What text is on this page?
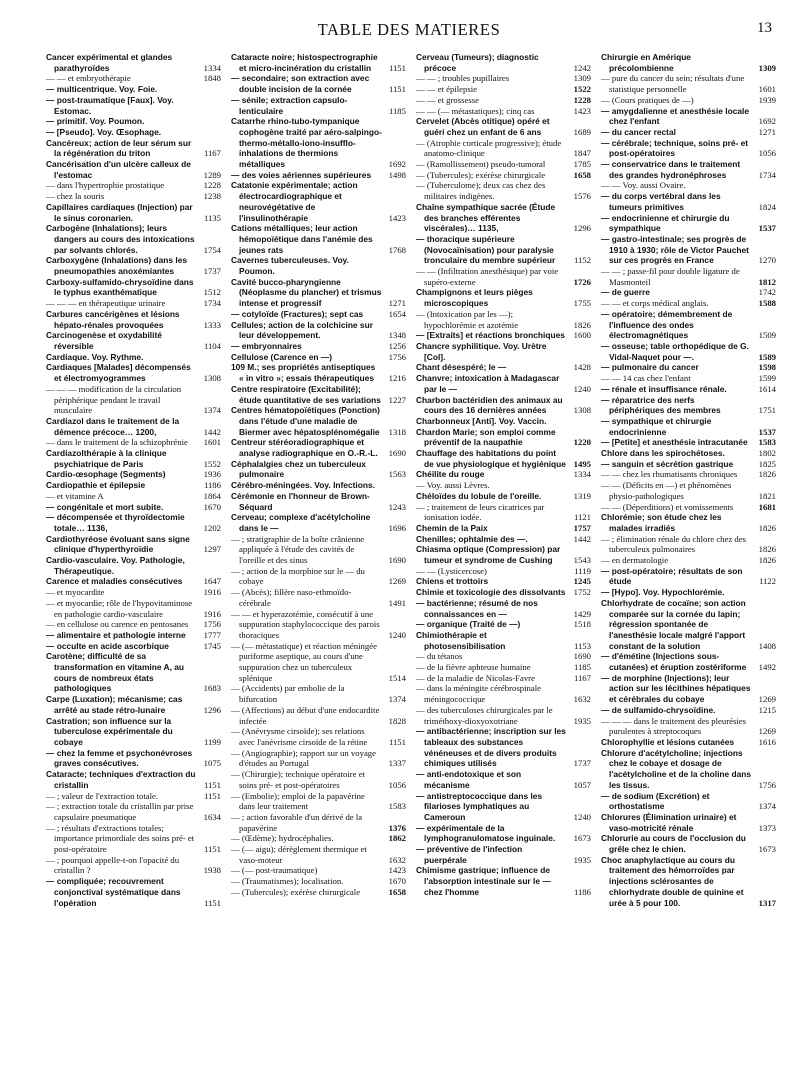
TABLE DES MATIERES	13

Cancer expérimental et glandes parathyroïdes	1334

— — et embryothérapie	1848

— multicentrique. Voy. Foie.

— post-traumatique [Faux]. Voy. Estomac.

— primitif. Voy. Poumon.

— [Pseudo]. Voy. Œsophage.

Cancéreux; action de leur sérum sur la régénération du triton	1167

Cancérisation d'un ulcère calleux de l'estomac	1289

— dans l'hypertrophie prostatique	1228

— chez la souris	1238

Capillaires cardiaques (Injection) par le sinus coronarien.	1135

Carbogène (Inhalations); leurs dangers au cours des intoxications par solvants chlorés.	1754

Carboxygène (Inhalations) dans les pneumopathies anoxémiantes	1737

Carboxy-sulfamido-chrysoïdine dans le typhus exanthématique	1512

— — — en thérapeutique urinaire	1734

Carbures cancérigènes et lésions hépato-rénales provoquées	1333

Carcinogenèse et oxydabilité réversible	1104

Cardiaque. Voy. Rythme.

Cardiaques [Malades] décompensés et électromyogrammes	1308

— — — modification de la circulation périphérique pendant le travail musculaire	1374

Cardiazol dans le traitement de la démence précoce… 1200,	1442

— dans le traitement de la schizophrénie 1601

Cardiazolthérapie à la clinique psychiatrique de Paris	1552

Cardio-œsophage (Segments)	1936

Cardiopathie et épilepsie	1186

— et vitamine A	1864

— congénitale et mort subite.	1670

— décompensée et thyroïdectomie totale… 1136,	1202

Cardiothyréose évoluant sans signe clinique d'hyperthyroïdie	1297

Cardio-vasculaire. Voy. Pathologie, Thérapeutique.

Carence et maladies consécutives 1647

— et myocardite	1916

— et myocardie; rôle de l'hypovitaminose en pathologie cardio-vasculaire	1916

— en cellulose ou carence en pentosanes 1756

— alimentaire et pathologie interne 1777

— occulte en acide ascorbique	1745

Carotène; difficulté de sa transformation en vitamine A, au cours de nombreux états pathologiques	1683

Carpe (Luxation); mécanisme; cas arrêté au stade rétro-lunaire	1296

Castration; son influence sur la tuberculose expérimentale du cobaye	1199

— chez la femme et psychonévroses graves consécutives.	1075

Cataracte; techniques d'extraction du cristallin	1151

— ; valeur de l'extraction totale.	1151

— ; extraction totale du cristallin par prise capsulaire pneumatique	1634

— ; résultats d'extractions totales; importance primordiale des soins pré- et post-opératoire	1151

— ; pourquoi appelle-t-on l'opacité du cristallin ?	1938

— compliquée; recouvrement conjonctival systématique dans l'opération	1151

Cataracte noire; histospectrographie et micro-incinération du cristallin 1151

— secondaire; son extraction avec double incision de la cornée	1151

— sénile; extraction capsulo-lenticulaire	1185

Catarrhe rhino-tubo-tympanique cophogène traité par aéro-salpingo-thermo-métallo-iono-insufflo-inhalations de thermions métalliques	1692

— des voies aériennes supérieures 1498

Catatonie expérimentale; action électrocardiographique et neurovégétative de l'insulinothérapie	1423

Cations métalliques; leur action hémopoïétique dans l'anémie des jeunes rats	1768

Cavernes tuberculeuses. Voy. Poumon.

Cavité bucco-pharyngienne (Néoplasme du plancher) et trismus intense et progressif	1271

— cotyloïde (Fractures); sept cas	1654

Cellules; action de la colchicine sur leur développement.	1348

— embryonnaires	1256

Cellulose (Carence en —)	1756

109 M.; ses propriétés antiseptiques « in vitro »; essais thérapeutiques 1216

Centre respiratoire (Excitabilité); étude quantitative de ses variations 1227

Centres hématopoïétiques (Ponction) dans l'étude d'une maladie de Biermer avec hépatosplénomégalie 1318

Centreur stéréoradiographique et analyse radiographique en O.-R.-L. 1690

Céphalalgies chez un tuberculeux pulmonaire	1563

Cérébro-méningées. Voy. Infections.

Cérémonie en l'honneur de Brown-Séquard	1243

Cerveau; complexe d'acétylcholine dans le —	1696

— ; stratigraphie de la boîte crânienne appliquée à l'étude des cavités de l'oreille et des sinus	1690

— ; action de la morphine sur le — du cobaye	1269

— (Abcès); fillère naso-ethmoïdo-cérébrale	1491

— — et hyperazotémie, consécutif à une suppuration staphylococcique des parois thoraciques	1240

— (— métastatique) et réaction méningée puriforme aseptique, au cours d'une suppuration chez un tuberculeux splénique	1514

— (Accidents) par embolie de la bifurcation	1374

— (Affections) au début d'une endocardite infectée	1828

— (Anévrysme cirsoïde); ses relations avec l'anévrisme cirsoïde de la rétine 1151

— (Angiographie); rapport sur un voyage d'études au Portugal	1337

— (Chirurgie); technique opératoire et soins pré- et post-opératoires	1056

— (Embolie); emploi de la papavérine dans leur traitement	1583

— ; action favorable d'un dérivé de la papavérine	1376

— (Œdème); hydrocéphalies.	1862

— (— aigu); dérèglement thermique et vaso-moteur	1632

— (— post-traumatique)	1423

— (Traumatismes); localisation.	1670

— (Tubercules); exérèse chirurgicale	1658

Cerveau (Tumeurs); diagnostic précoce	1242

— — ; troubles pupillaires	1309

— — et épilepsie	1522

— — et grossesse	1228

— — (— métastatiques); cinq cas	1423

Cervelet (Abcès otitique) opéré et guéri chez un enfant de 6 ans	1689

— (Atrophie corticale progressive); étude anatomo-clinique	1847

— (Ramollissement) pseudo-tumoral	1785

— (Tubercules); exérèse chirurgicale	1658

— (Tuberculome); deux cas chez des militaires indigènes.	1576

Chaîne sympathique sacrée (Étude des branches efférentes viscérales)… 1135,	1296

— thoracique supérieure (Novocaïnisation) pour paralysie tronculaire du membre supérieur 1152

— — (Infiltration anesthésique) par voie supéro-externe	1726

Champignons et leurs pièges microscopiques	1755

— (Intoxication par les —); hypochlorémie et azotémie	1826

— [Extraits] et réactions bronchiques 1600

Chancre syphilitique. Voy. Urètre [Col].

Chant désespéré; le —	1428

Chanvre; intoxication à Madagascar par le —	1240

Charbon bactéridien des animaux au cours des 16 dernières années	1308

Charbonneux [Anti]. Voy. Vaccin.

Chardon Marie; son emploi comme préventif de la naupathie	1220

Chauffage des habitations du point de vue physiologique et hygiénique 1495

Chéilite du rouge	1334

— Voy. aussi Lèvres.

Chéloïdes du lobule de l'oreille.	1319

— ; traitement de leurs cicatrices par ionisation iodée.	1121

Chemin de la Paix	1757

Chenilles; ophtalmie des —.	1442

Chiasma optique (Compression) par tumeur et syndrome de Cushing 1543

— — (Lysticercose)	1119

Chiens et trottoirs	1245

Chimie et toxicologie des dissolvants 1752

— bactérienne; résumé de nos connaissances en —	1429

— organique (Traité de —)	1518

Chimiothérapie et photosensibilisation	1153

— du tétanos	1690

— de la fièvre aphteuse humaine	1185

— de la maladie de Nicolas-Favre	1167

— dans la méningite cérébrospinale méningococcique	1632

— des tuberculoses chirurgicales par le triméthoxy-dioxyoxotriane	1935

— antibactérienne; inscription sur les tableaux des substances vénéneuses et de divers produits chimiques utilisés	1737

— anti-endotoxique et son mécanisme	1057

— antistreptococcique dans les filarioses lymphatiques au Cameroun	1240

— expérimentale de la lymphogranulomatose inguinale. 1673

— préventive de l'infection puerpérale	1935

Chimisme gastrique; influence de l'absorption intestinale sur le — chez l'homme	1186

Chirurgie en Amérique précolombienne	1309

— pure du cancer du sein; résultats d'une statistique personnelle	1601

— (Cours pratiques de —)	1939

— amygdalienne et anesthésie locale chez l'enfant	1692

— du cancer rectal	1271

— cérébrale; technique, soins pré- et post-opératoires	1056

— conservatrice dans le traitement des grandes hydronéphroses	1734

— — Voy. aussi Ovaire.

— du corps vertébral dans les tumeurs primitives	1824

— endocrinienne et chirurgie du sympathique	1537

— gastro-intestinale; ses progrès de 1910 à 1930; rôle de Victor Pauchet sur ces progrès en France	1270

— — ; passe-fil pour double ligature de Masmonteil	1812

— de guerre	1742

— — et corps médical anglais.	1588

— opératoire; démembrement de l'influence des ondes électromagnétiques	1509

— osseuse; table orthopédique de G. Vidal-Naquet pour —.	1589

— pulmonaire du cancer	1598

— — 14 cas chez l'enfant	1599

— rénale et insuffisance rénale.	1614

— réparatrice des nerfs périphériques des membres	1751

— sympathique et chirurgie endocrinienne	1537

— [Petite] et anesthésie intracutanée 1583

Chlore dans les spirochétoses.	1802

— sanguin et sécrétion gastrique	1825

— — chez les rhumatisants chroniques 1826

— — (Déficits en —) et phénomènes physio-pathologiques	1821

— — (Déperditions) et vomissements	1681

Chlorémie; son étude chez les malades irradiés	1826

— ; élimination rénale du chlore chez des tuberculeux pulmonaires	1826

— en dermatologie	1826

— post-opératoire; résultats de son étude	1122

— [Hypo]. Voy. Hypochlorémie.

Chlorhydrate de cocaïne; son action comparée sur la cornée du lapin; régression spontanée de l'anesthésie locale malgré l'apport constant de la solution	1408

— d'émétine (Injections sous-cutanées) et éruption zostériforme 1492

— de morphine (Injections); leur action sur les lécithines hépatiques et cérébrales du cobaye	1269

— de sulfamido-chrysoïdine.	1215

— — — dans le traitement des pleurésies purulentes à streptocoques	1269

Chlorophyllie et lésions cutanées	1616

Chlorure d'acétylcholine; injections chez le cobaye et dosage de l'acétylcholine et de la choline dans les tissus.	1756

— de sodium (Excrétion) et orthostatisme	1374

Chlorures (Élimination urinaire) et vaso-motricité rénale	1373

Chlorurie au cours de l'occlusion du grêle chez le chien.	1673

Choc anaphylactique au cours du traitement des hémorroïdes par injections sclérosantes de chlorhydrate double de quinine et urée à 5 pour 100.	1317
